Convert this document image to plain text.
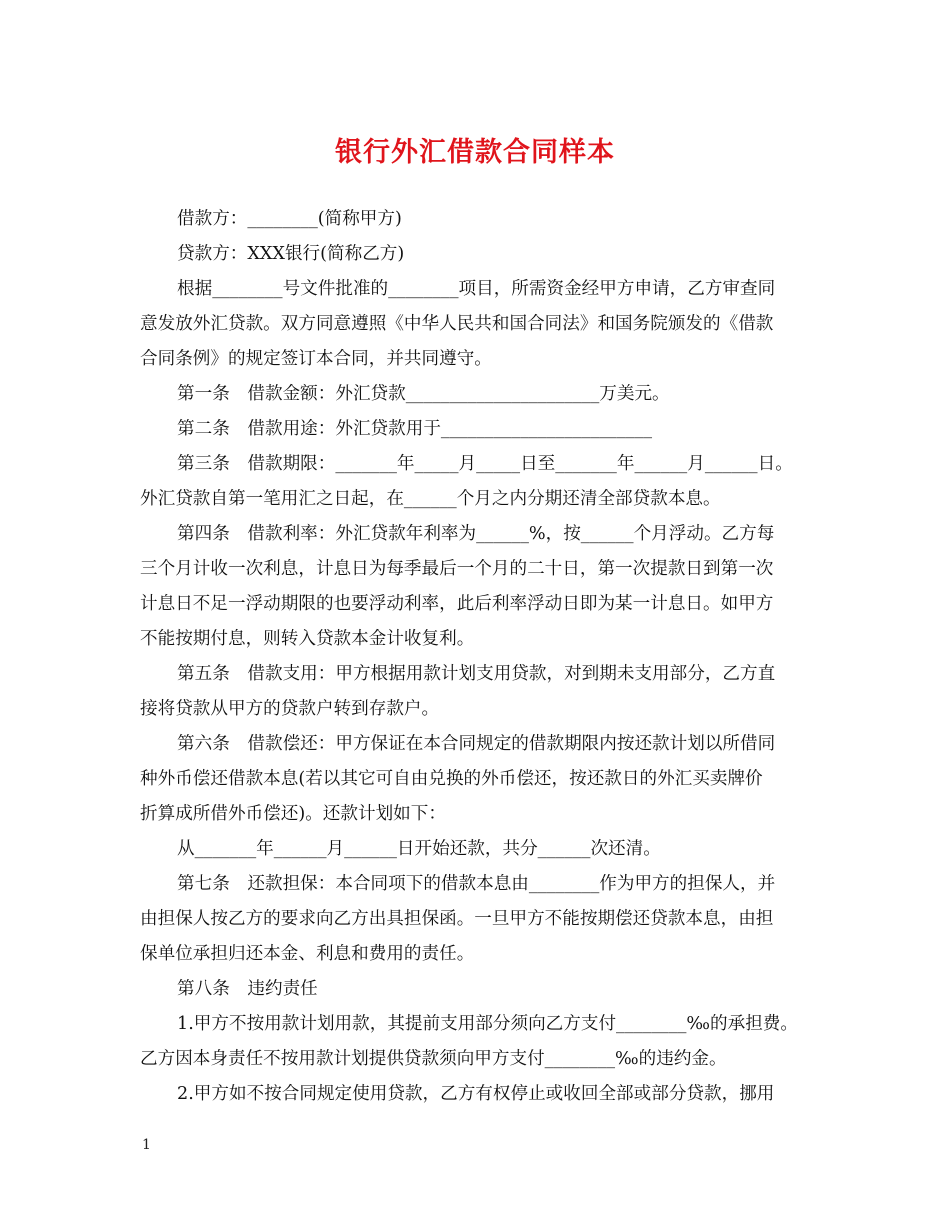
银行外汇借款合同样本
借款方：________(简称甲方)
贷款方：XXX银行(简称乙方)
根据________号文件批准的________项目，所需资金经甲方申请，乙方审查同
意发放外汇贷款。双方同意遵照《中华人民共和国合同法》和国务院颁发的《借款
合同条例》的规定签订本合同，并共同遵守。
第一条　借款金额：外汇贷款______________________万美元。
第二条　借款用途：外汇贷款用于________________________
第三条　借款期限：_______年_____月_____日至_______年______月______日。
外汇贷款自第一笔用汇之日起，在______个月之内分期还清全部贷款本息。
第四条　借款利率：外汇贷款年利率为______%，按______个月浮动。乙方每
三个月计收一次利息，计息日为每季最后一个月的二十日，第一次提款日到第一次
计息日不足一浮动期限的也要浮动利率，此后利率浮动日即为某一计息日。如甲方
不能按期付息，则转入贷款本金计收复利。
第五条　借款支用：甲方根据用款计划支用贷款，对到期未支用部分，乙方直
接将贷款从甲方的贷款户转到存款户。
第六条　借款偿还：甲方保证在本合同规定的借款期限内按还款计划以所借同
种外币偿还借款本息(若以其它可自由兑换的外币偿还，按还款日的外汇买卖牌价
折算成所借外币偿还)。还款计划如下：
从_______年______月______日开始还款，共分______次还清。
第七条　还款担保：本合同项下的借款本息由________作为甲方的担保人，并
由担保人按乙方的要求向乙方出具担保函。一旦甲方不能按期偿还贷款本息，由担
保单位承担归还本金、利息和费用的责任。
第八条　违约责任
1.甲方不按用款计划用款，其提前支用部分须向乙方支付________‰的承担费。
乙方因本身责任不按用款计划提供贷款须向甲方支付________‰的违约金。
2.甲方如不按合同规定使用贷款，乙方有权停止或收回全部或部分贷款，挪用
1
